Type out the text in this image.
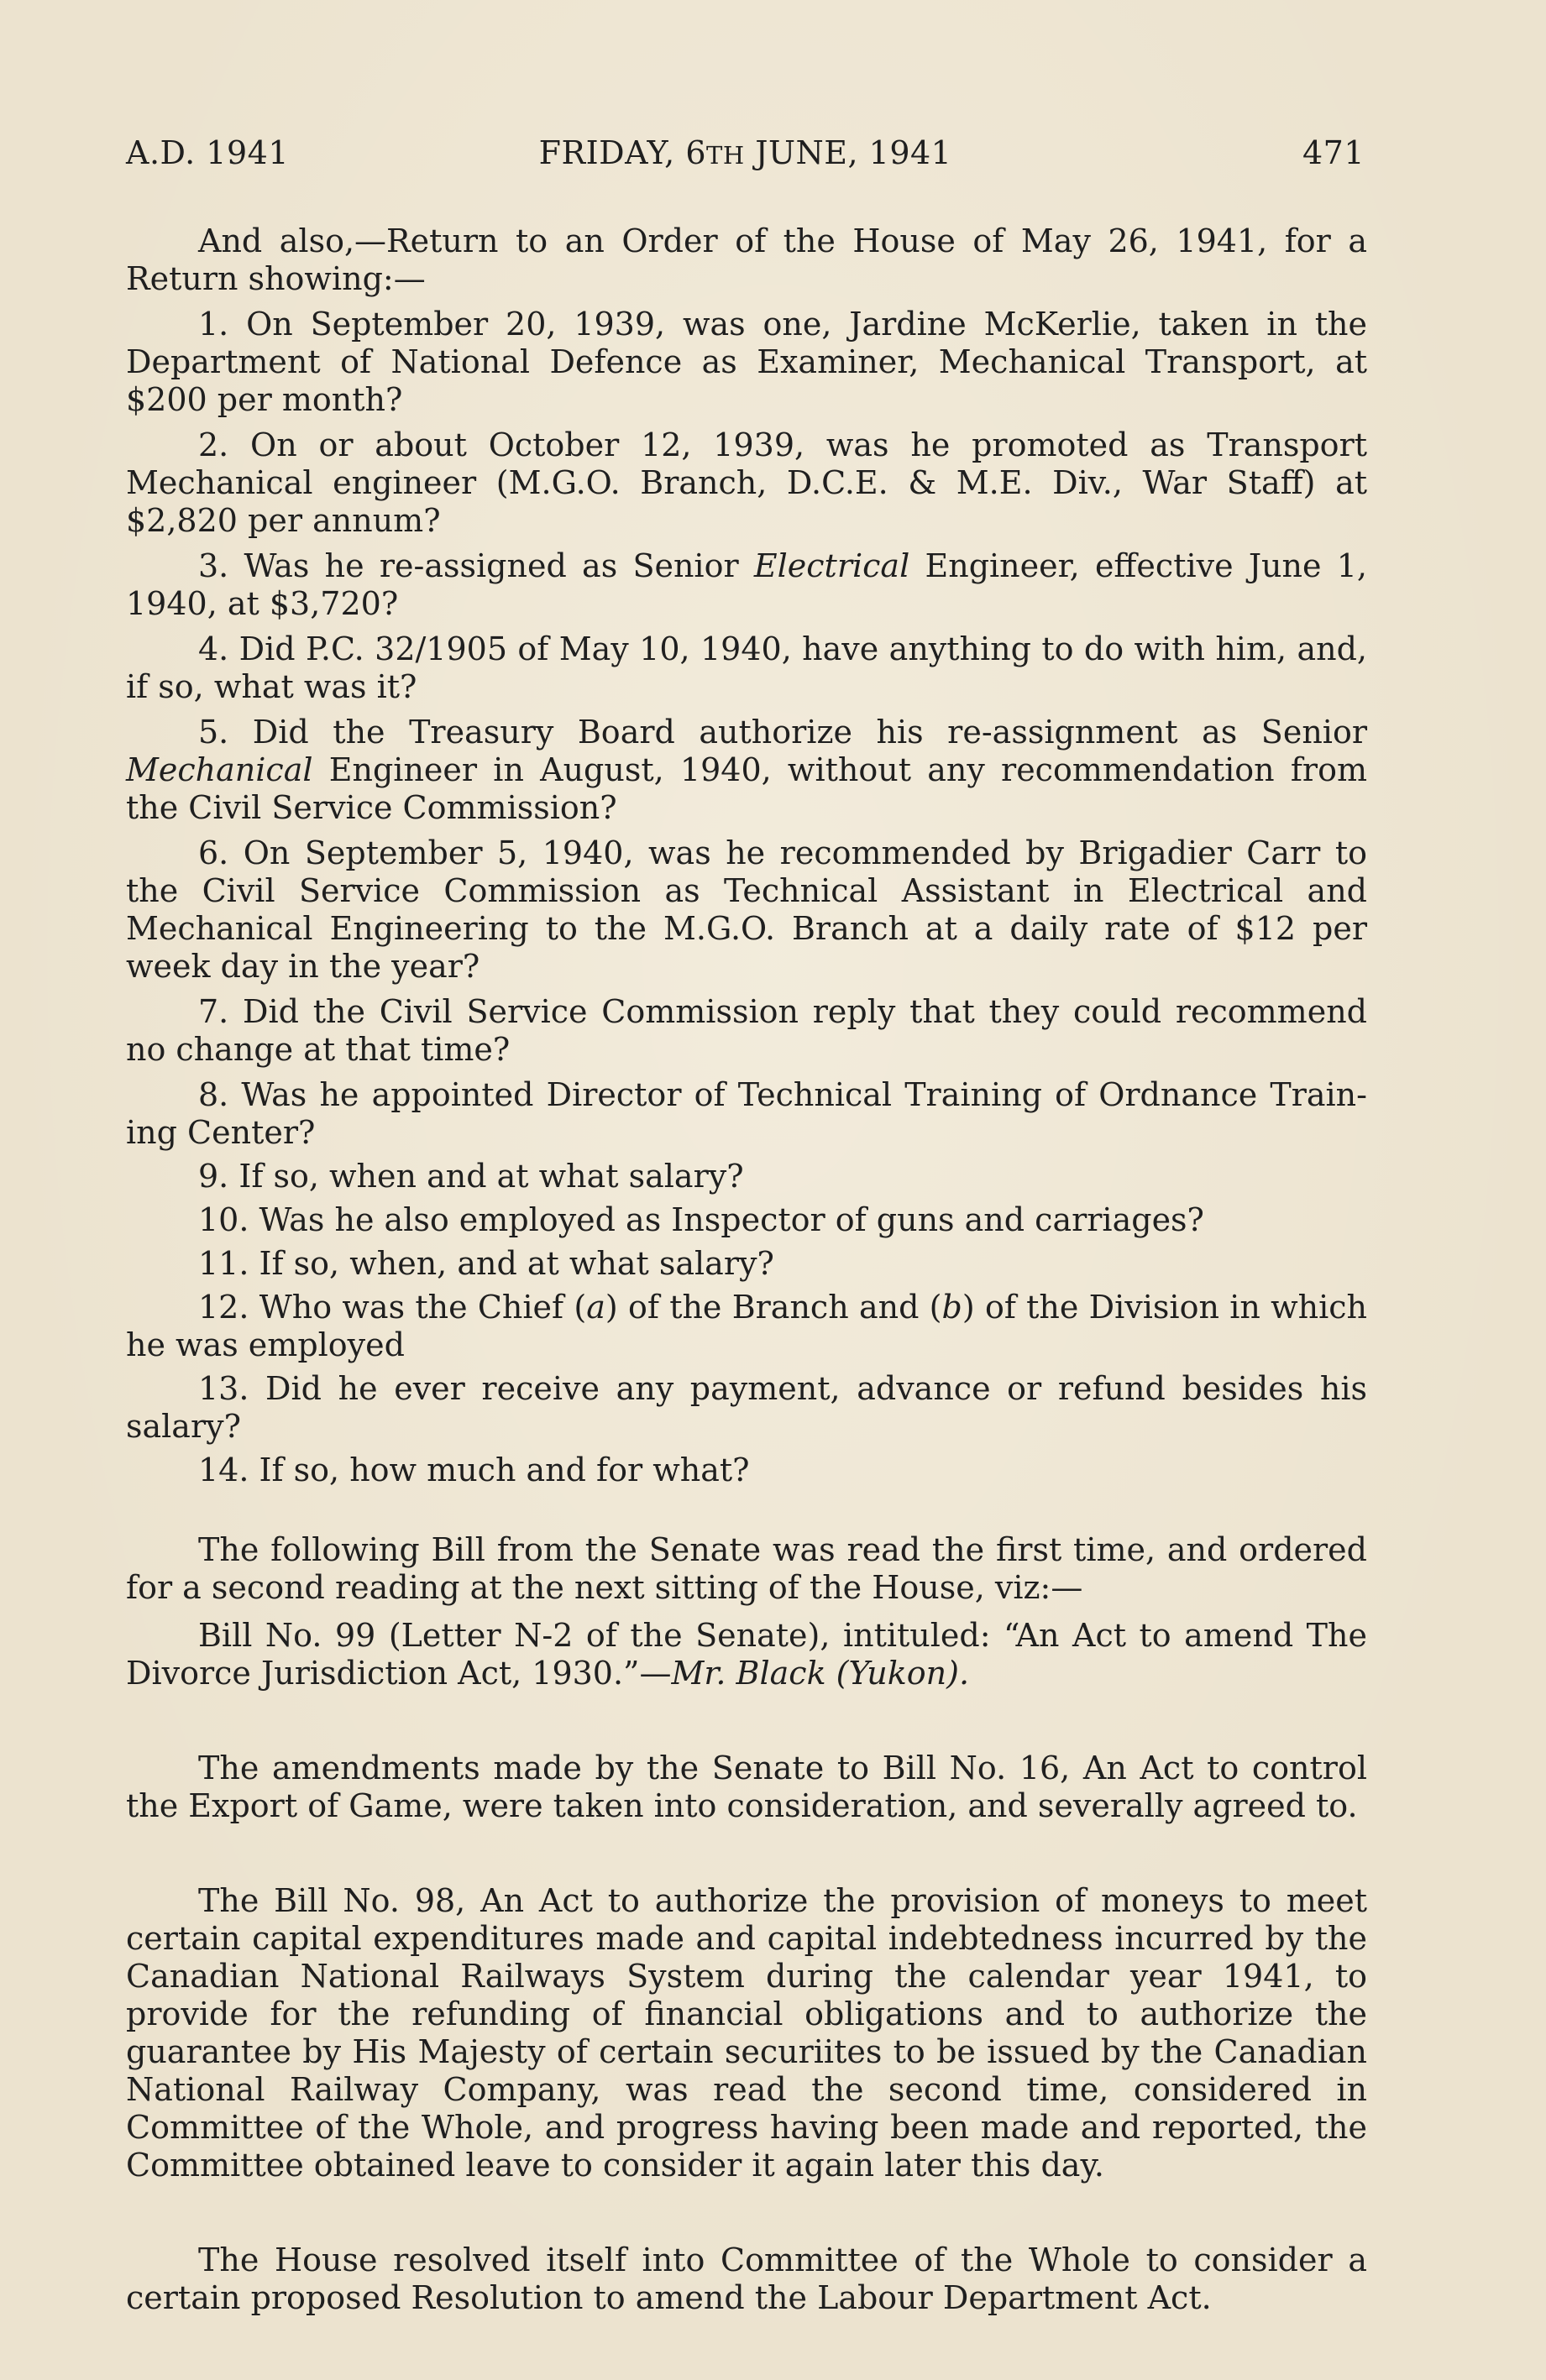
A.D. 1941	FRIDAY, 6TH JUNE, 1941	471

And also,—Return to an Order of the House of May 26, 1941, for a Return showing:—

1. On September 20, 1939, was one, Jardine McKerlie, taken in the Department of National Defence as Examiner, Mechanical Transport, at $200 per month?

2. On or about October 12, 1939, was he promoted as Transport Mechanical engineer (M.G.O. Branch, D.C.E. & M.E. Div., War Staff) at $2,820 per annum?

3. Was he re-assigned as Senior Electrical Engineer, effective June 1, 1940, at $3,720?

4. Did P.C. 32/1905 of May 10, 1940, have anything to do with him, and, if so, what was it?

5. Did the Treasury Board authorize his re-assignment as Senior Mechanical Engineer in August, 1940, without any recommendation from the Civil Service Commission?

6. On September 5, 1940, was he recommended by Brigadier Carr to the Civil Service Commission as Technical Assistant in Electrical and Mechanical Engineering to the M.G.O. Branch at a daily rate of $12 per week day in the year?

7. Did the Civil Service Commission reply that they could recommend no change at that time?

8. Was he appointed Director of Technical Training of Ordnance Train- ing Center?

9. If so, when and at what salary?

10. Was he also employed as Inspector of guns and carriages?

11. If so, when, and at what salary?

12. Who was the Chief (a) of the Branch and (b) of the Division in which he was employed

13. Did he ever receive any payment, advance or refund besides his salary?

14. If so, how much and for what?

The following Bill from the Senate was read the first time, and ordered for a second reading at the next sitting of the House, viz:—

Bill No. 99 (Letter N-2 of the Senate), intituled: “An Act to amend The Divorce Jurisdiction Act, 1930.”—Mr. Black (Yukon).

The amendments made by the Senate to Bill No. 16, An Act to control the Export of Game, were taken into consideration, and severally agreed to.

The Bill No. 98, An Act to authorize the provision of moneys to meet certain capital expenditures made and capital indebtedness incurred by the Canadian National Railways System during the calendar year 1941, to provide for the refunding of financial obligations and to authorize the guarantee by His Majesty of certain securiites to be issued by the Canadian National Railway Company, was read the second time, considered in Committee of the Whole, and progress having been made and reported, the Committee obtained leave to consider it again later this day.

The House resolved itself into Committee of the Whole to consider a certain proposed Resolution to amend the Labour Department Act.
